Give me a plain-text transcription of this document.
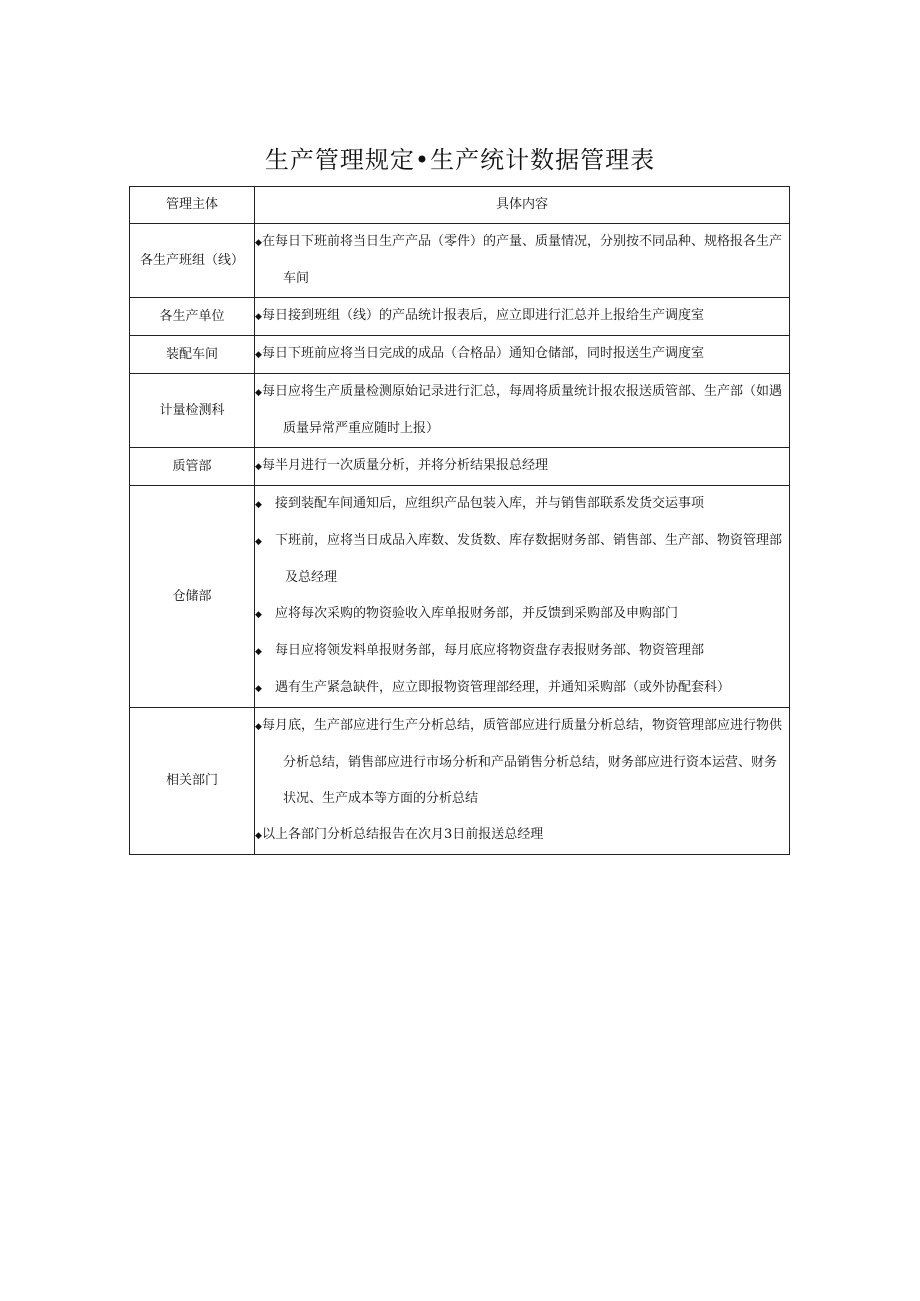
生产管理规定•生产统计数据管理表
管理主体	具体内容
各生产班组（线）	◆在每日下班前将当日生产产品（零件）的产量、质量情况，分别按不同品种、规格报各生产车间

各生产单位	◆每日接到班组（线）的产品统计报表后，应立即进行汇总并上报给生产调度室

装配车间	◆每日下班前应将当日完成的成品（合格品）通知仓储部，同时报送生产调度室

计量检测科	◆每日应将生产质量检测原始记录进行汇总，每周将质量统计报农报送质管部、生产部（如遇质量异常严重应随时上报）

质管部	◆每半月进行一次质量分析，并将分析结果报总经理

仓储部	◆ 接到装配车间通知后，应组织产品包装入库，并与销售部联系发货交运事项
◆ 下班前，应将当日成品入库数、发货数、库存数据财务部、销售部、生产部、物资管理部及总经理
◆ 应将每次采购的物资验收入库单报财务部，并反馈到采购部及申购部门
◆ 每日应将领发料单报财务部，每月底应将物资盘存表报财务部、物资管理部
◆ 遇有生产紧急缺件，应立即报物资管理部经理，并通知采购部（或外协配套科）

相关部门	◆每月底，生产部应进行生产分析总结，质管部应进行质量分析总结，物资管理部应进行物供分析总结，销售部应进行市场分析和产品销售分析总结，财务部应进行资本运营、财务状况、生产成本等方面的分析总结
◆以上各部门分析总结报告在次月3日前报送总经理
